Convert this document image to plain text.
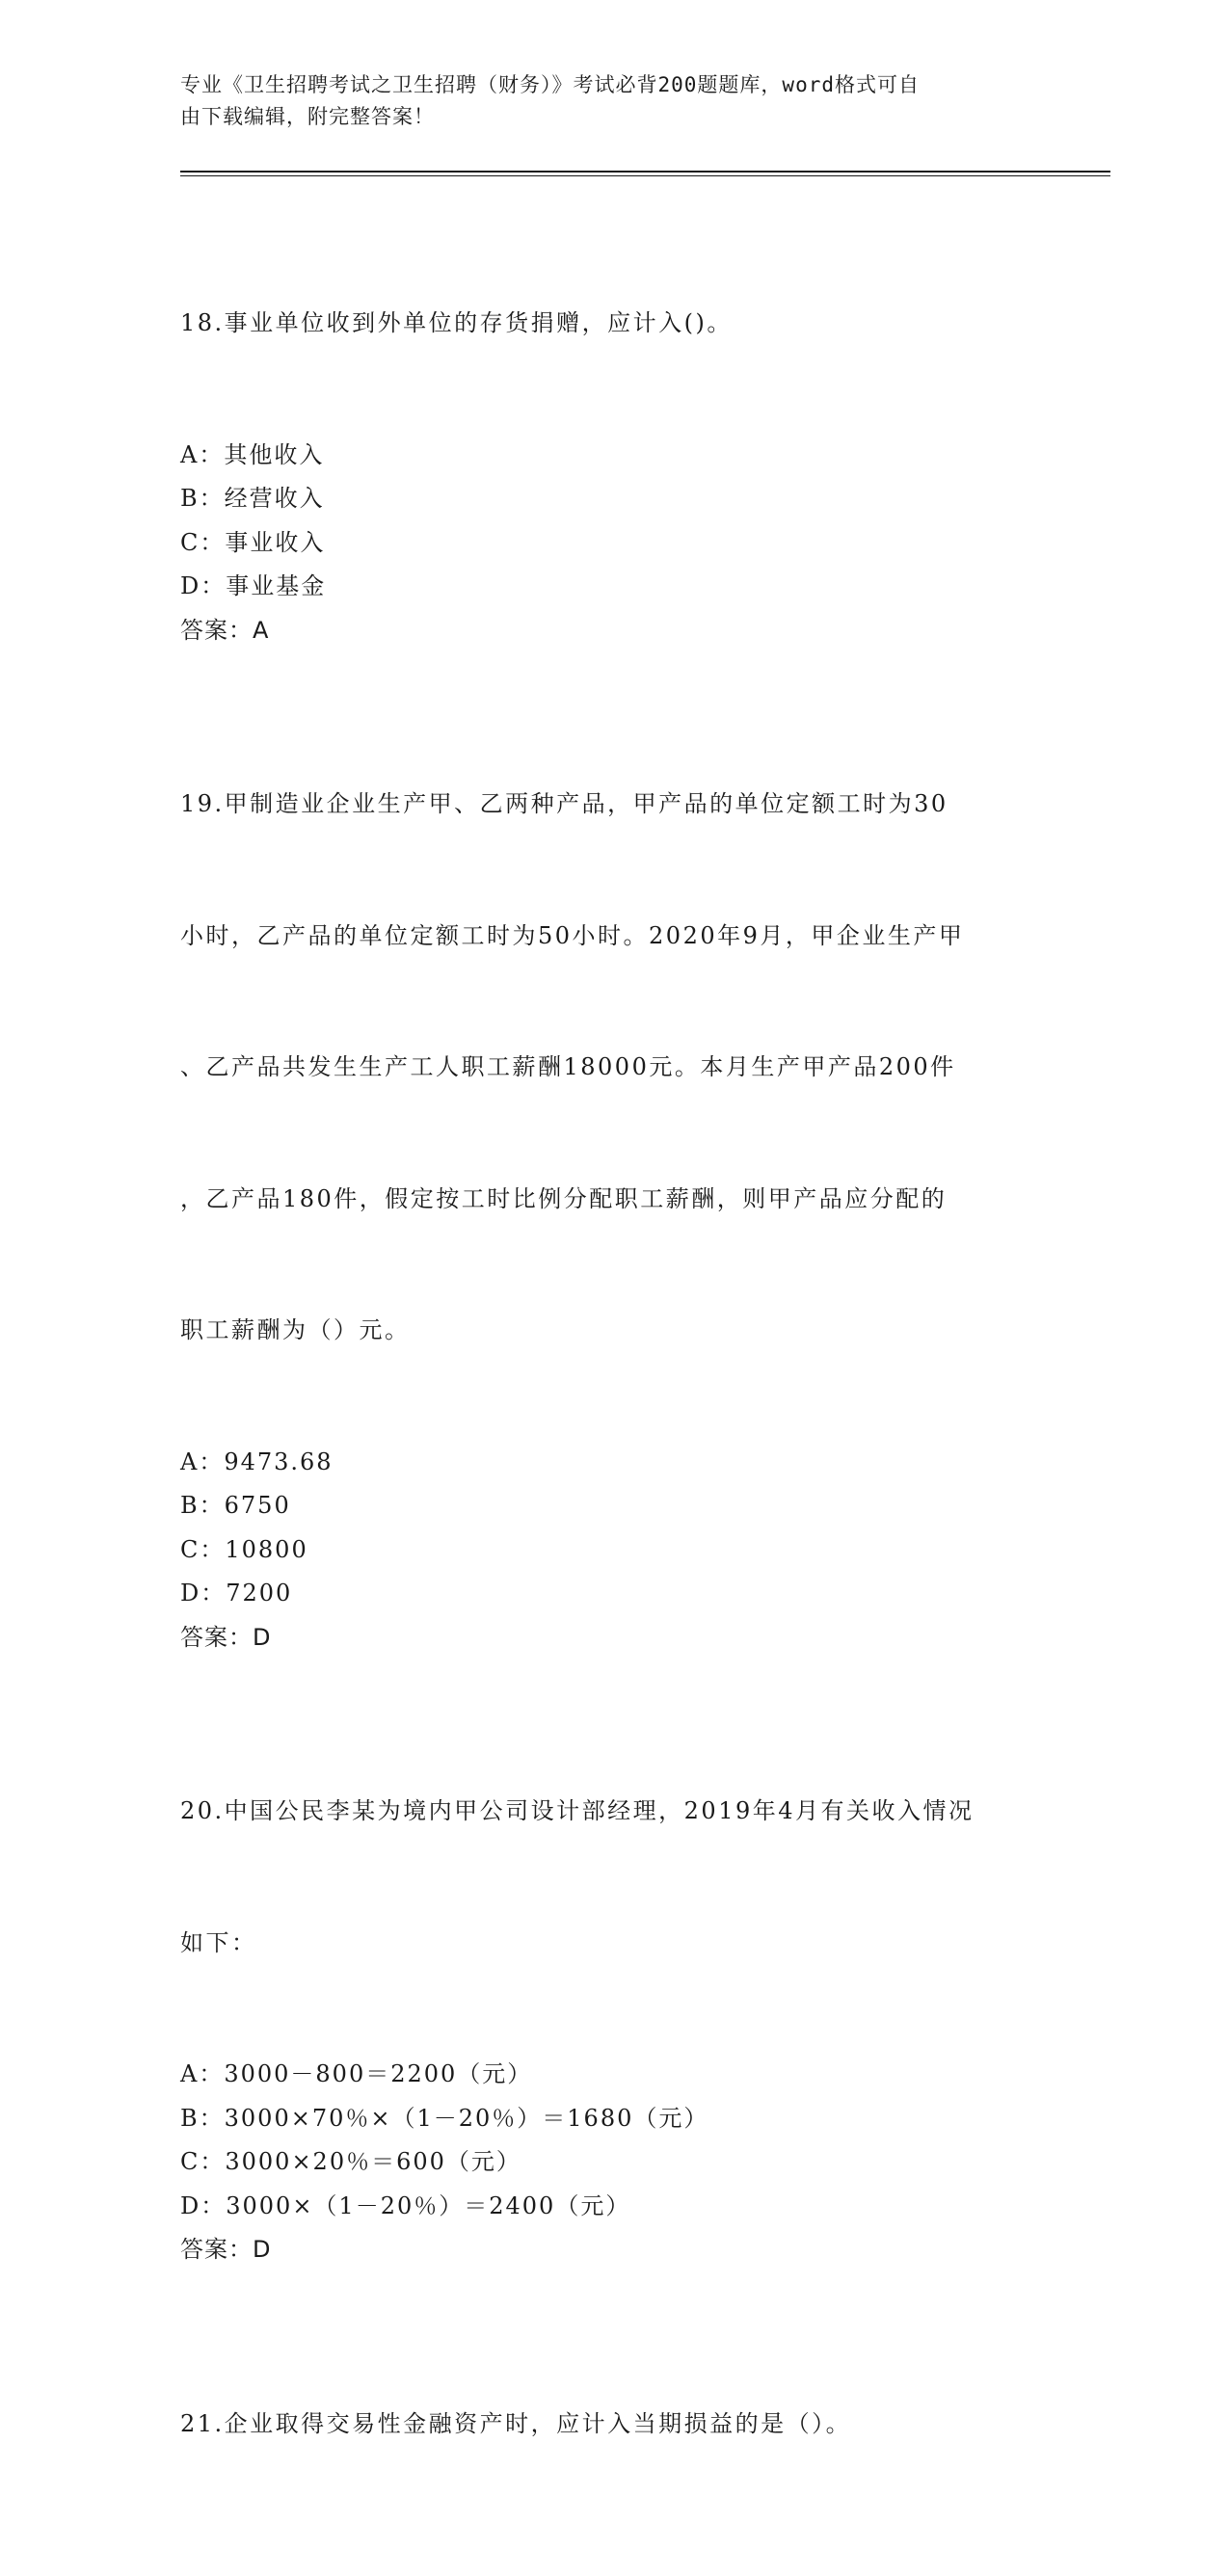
专业《卫生招聘考试之卫生招聘（财务）》考试必背200题题库，word格式可自
由下载编辑，附完整答案！

18.事业单位收到外单位的存货捐赠，应计入()。

A：其他收入
B：经营收入
C：事业收入
D：事业基金
答案：A

19.甲制造业企业生产甲、乙两种产品，甲产品的单位定额工时为30

小时，乙产品的单位定额工时为50小时。2020年9月，甲企业生产甲

、乙产品共发生生产工人职工薪酬18000元。本月生产甲产品200件

，乙产品180件，假定按工时比例分配职工薪酬，则甲产品应分配的

职工薪酬为（）元。

A：9473.68
B：6750
C：10800
D：7200
答案：D

20.中国公民李某为境内甲公司设计部经理，2019年4月有关收入情况

如下：

A：3000－800＝2200（元）
B：3000×70％×（1－20％）＝1680（元）
C：3000×20％＝600（元）
D：3000×（1－20％）＝2400（元）
答案：D

21.企业取得交易性金融资产时，应计入当期损益的是（）。
